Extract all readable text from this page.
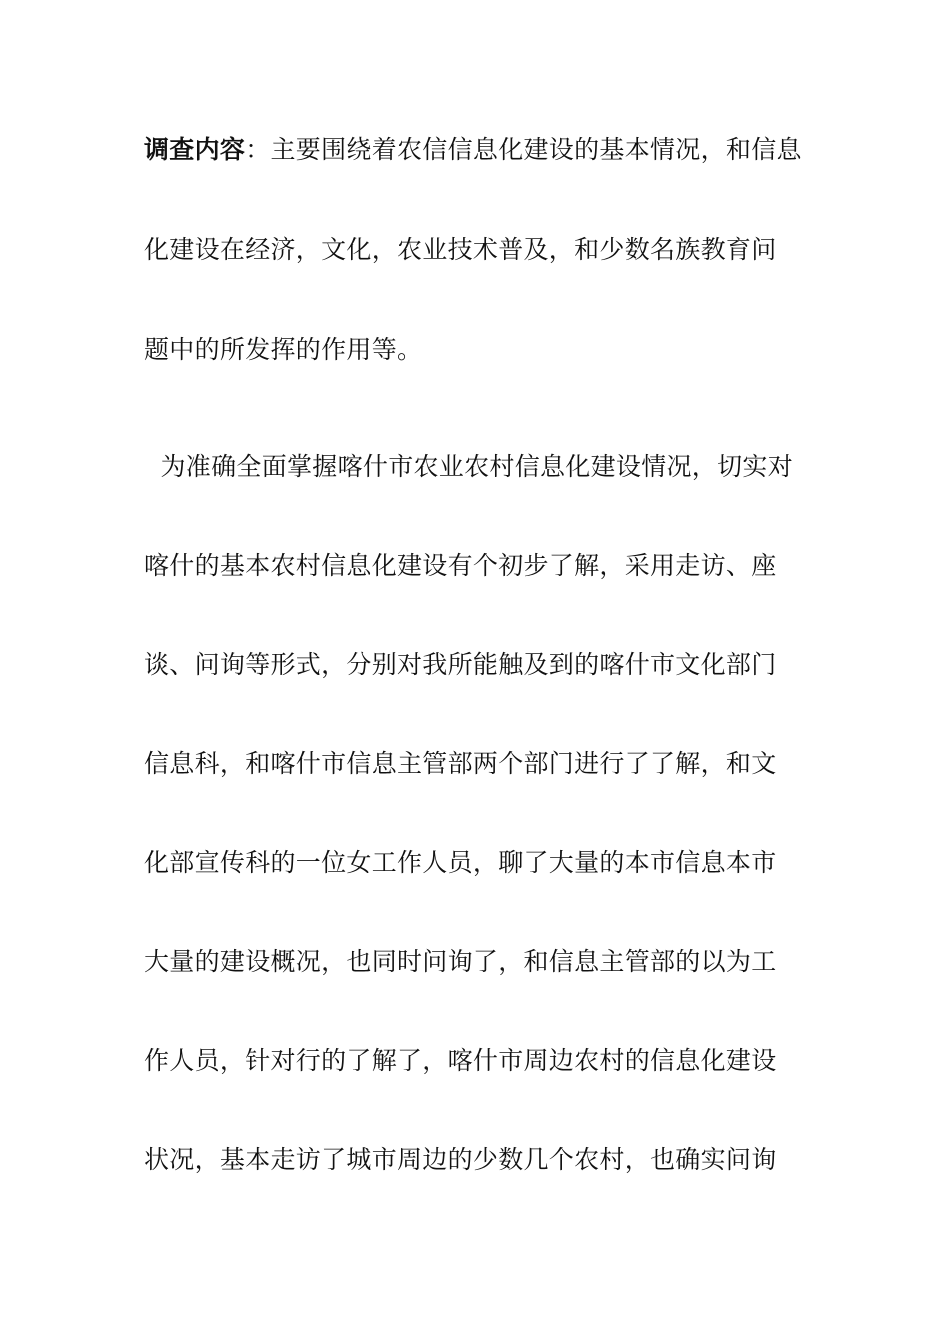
调查内容：主要围绕着农信信息化建设的基本情况，和信息
化建设在经济，文化，农业技术普及，和少数名族教育问
题中的所发挥的作用等。
为准确全面掌握喀什市农业农村信息化建设情况，切实对
喀什的基本农村信息化建设有个初步了解，采用走访、座
谈、问询等形式，分别对我所能触及到的喀什市文化部门
信息科，和喀什市信息主管部两个部门进行了了解，和文
化部宣传科的一位女工作人员，聊了大量的本市信息本市
大量的建设概况，也同时问询了，和信息主管部的以为工
作人员，针对行的了解了，喀什市周边农村的信息化建设
状况，基本走访了城市周边的少数几个农村，也确实问询
